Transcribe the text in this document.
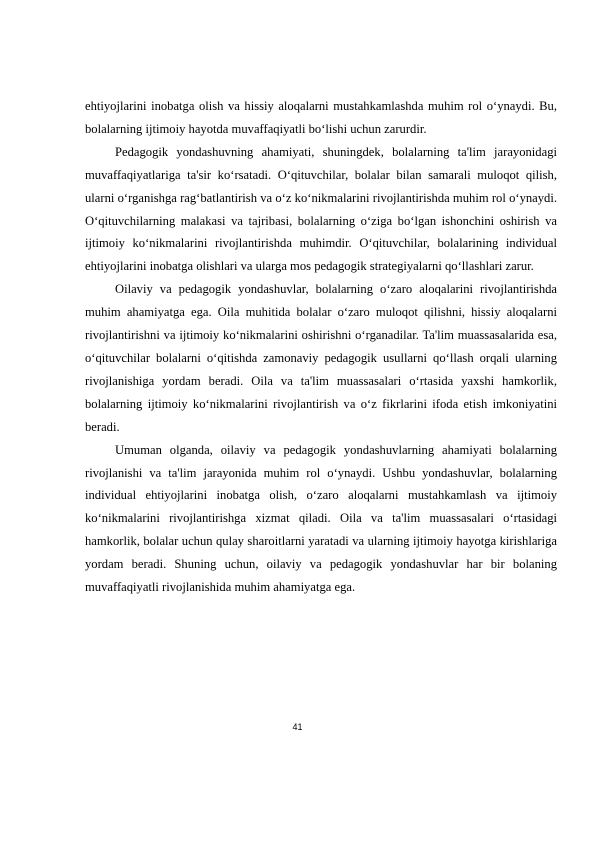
ehtiyojlarini inobatga olish va hissiy aloqalarni mustahkamlashda muhim rol o‘ynaydi. Bu, bolalarning ijtimoiy hayotda muvaffaqiyatli bo‘lishi uchun zarurdir.

Pedagogik yondashuvning ahamiyati, shuningdek, bolalarning ta'lim jarayonidagi muvaffaqiyatlariga ta'sir ko‘rsatadi. O‘qituvchilar, bolalar bilan samarali muloqot qilish, ularni o‘rganishga rag‘batlantirish va o‘z ko‘nikmalarini rivojlantirishda muhim rol o‘ynaydi. O‘qituvchilarning malakasi va tajribasi, bolalarning o‘ziga bo‘lgan ishonchini oshirish va ijtimoiy ko‘nikmalarini rivojlantirishda muhimdir. O‘qituvchilar, bolalarining individual ehtiyojlarini inobatga olishlari va ularga mos pedagogik strategiyalarni qo‘llashlari zarur.

Oilaviy va pedagogik yondashuvlar, bolalarning o‘zaro aloqalarini rivojlantirishda muhim ahamiyatga ega. Oila muhitida bolalar o‘zaro muloqot qilishni, hissiy aloqalarni rivojlantirishni va ijtimoiy ko‘nikmalarini oshirishni o‘rganadilar. Ta'lim muassasalarida esa, o‘qituvchilar bolalarni o‘qitishda zamonaviy pedagogik usullarni qo‘llash orqali ularning rivojlanishiga yordam beradi. Oila va ta'lim muassasalari o‘rtasida yaxshi hamkorlik, bolalarning ijtimoiy ko‘nikmalarini rivojlantirish va o‘z fikrlarini ifoda etish imkoniyatini beradi.

Umuman olganda, oilaviy va pedagogik yondashuvlarning ahamiyati bolalarning rivojlanishi va ta'lim jarayonida muhim rol o‘ynaydi. Ushbu yondashuvlar, bolalarning individual ehtiyojlarini inobatga olish, o‘zaro aloqalarni mustahkamlash va ijtimoiy ko‘nikmalarini rivojlantirishga xizmat qiladi. Oila va ta'lim muassasalari o‘rtasidagi hamkorlik, bolalar uchun qulay sharoitlarni yaratadi va ularning ijtimoiy hayotga kirishlariga yordam beradi. Shuning uchun, oilaviy va pedagogik yondashuvlar har bir bolaning muvaffaqiyatli rivojlanishida muhim ahamiyatga ega.

41
